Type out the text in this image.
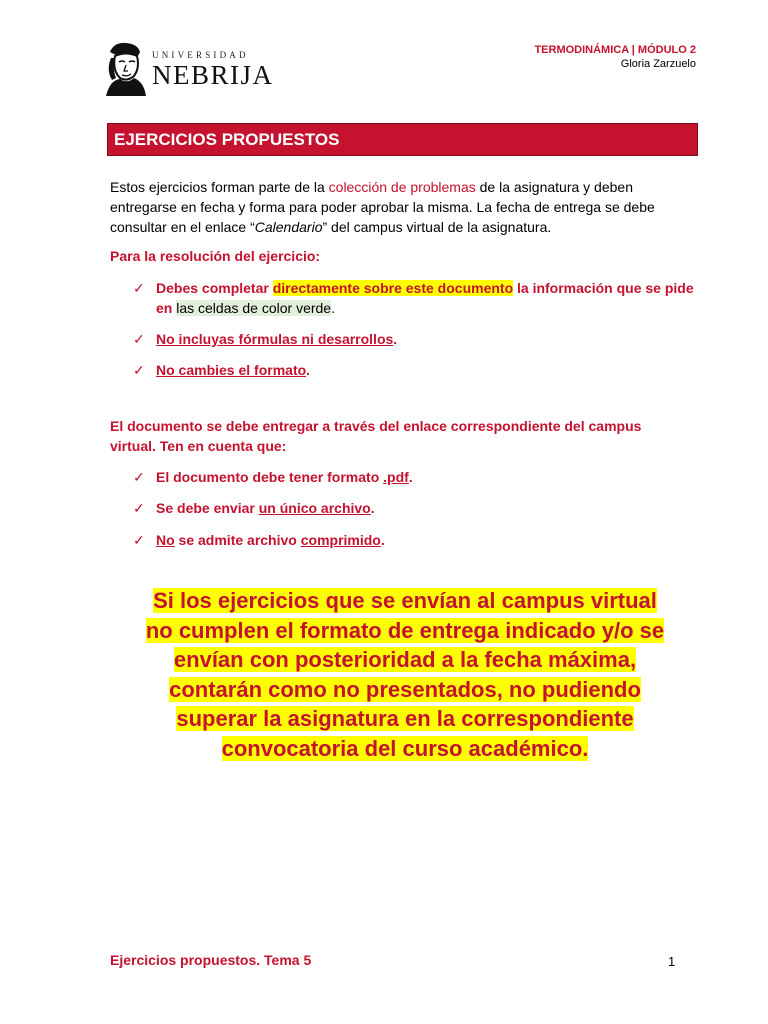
UNIVERSIDAD
NEBRIJA
TERMODINÁMICA | MÓDULO 2
Gloria Zarzuelo
EJERCICIOS PROPUESTOS
Estos ejercicios forman parte de la colección de problemas de la asignatura y deben entregarse en fecha y forma para poder aprobar la misma. La fecha de entrega se debe consultar en el enlace “Calendario” del campus virtual de la asignatura.
Para la resolución del ejercicio:
✓ Debes completar directamente sobre este documento la información que se pide en las celdas de color verde.
✓ No incluyas fórmulas ni desarrollos.
✓ No cambies el formato.
El documento se debe entregar a través del enlace correspondiente del campus virtual. Ten en cuenta que:
✓ El documento debe tener formato .pdf.
✓ Se debe enviar un único archivo.
✓ No se admite archivo comprimido.
Si los ejercicios que se envían al campus virtual
no cumplen el formato de entrega indicado y/o se
envían con posterioridad a la fecha máxima,
contarán como no presentados, no pudiendo
superar la asignatura en la correspondiente
convocatoria del curso académico.
Ejercicios propuestos. Tema 5	1
